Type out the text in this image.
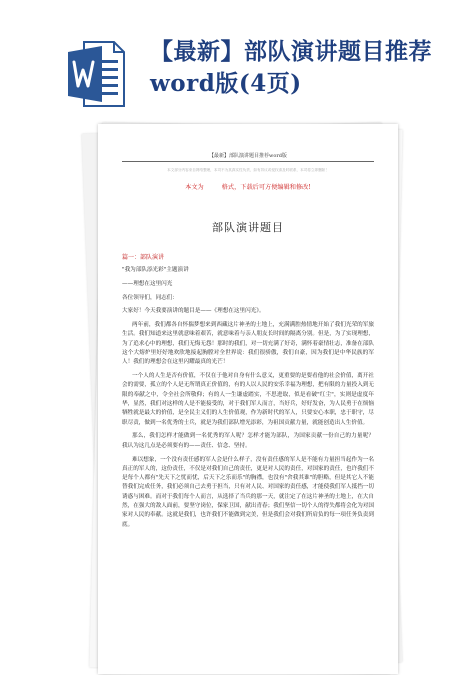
【最新】部队演讲题目推荐word版(4页)
【最新】部队演讲题目推荐word版
本文部分内容来自网络整理，本司不为其真实性负责，如有异议或侵权请及时联系，本司将立即删除！
本文为	格式，下载后可方便编辑和修改!
部队演讲题目
篇一：部队演讲

"我为部队添光彩"主题演讲

——理想在这里闪光

各位领导们，同志们：

大家好！今天我要演讲的题目是——《理想在这里闪光》。

两年前，我们都各自怀揣梦想来到西藏这片神圣的土地上，充满满腔热情地开始了我们光荣的军旅生活。我们知道来这里就意味着艰苦，就意味着与亲人朋友长时间的隔离分别。但是，为了实现理想，为了追求心中的理想，我们无悔无怨！那时的我们，对一切充满了好奇，满怀着豪情壮志，准备在部队这个大熔炉里好好地欢欣地接起胸膛对全世界说：我们很骄傲，我们自豪，因为我们是中华民族的军人！我们的理想会在这里闪耀最真的光芒！

一个人的人生是否有价值，不仅在于他对自身有什么意义，更重要的是要看他的社会价值，离开社会的需要，孤立的个人是无所谓真正价值的，有的人以人民的安乐幸福为理想，把有限的力量投入到无限的奉献之中，令全社会所敬仰；有的人一生谦虚踏实，不思进取，似是看破"红尘"，实则是虚度年华，显然，我们对这样的人是不能接受的，对于我们军人而言，当好兵，好好发奋，为人民勇于在烦恼牺牲就是最大的价值，是全民主义们的人生价值观，作为新时代的军人，只要安心本职，忠于职守，尽职尽责，做到一名优秀的士兵，就是为我们部队增光添彩，为祖国贡献力量，就能创造出人生价值。

那么，我们怎样才能做到一名优秀的军人呢？怎样才能为部队，为国家贡献一份自己的力量呢？ 我认为这几点是必须要有的——责任、信念、坚持。

难以想象，一个没有责任感的军人会是什么样子，没有责任感的军人是不能有力量担当起作为一名真正的军人的，这份责任，不仅是对我们自己的责任，更是对人民的责任，对国家的责任，也许我们不是每个人都有"先天下之忧而忧，后天下之乐而乐"的胸襟，也没有"舍我其谁"的胆略，但是其它人不能替我们完成任务，我们必须自己去勇于担当，只有对人民、对国家的责任感，才能使我们军人抵挡一切诱惑与困难。而对于我们每个人而言，从选择了当兵的那一天，就注定了在这片神圣的土地上，在大自然，在强大的敌人面前，要坚守岗位，保家卫国，献出青春；我们坚信一切个人的得失都将会化为对国家对人民的奉献。这就是我们，也许我们不能做到完美，但是我们会对我们所肩负的每一项任务负责到底。
